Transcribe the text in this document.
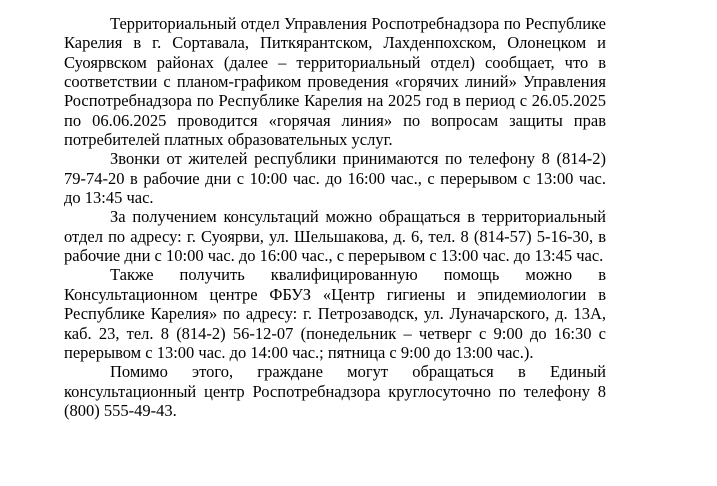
Территориальный отдел Управления Роспотребнадзора по Республике Карелия в г. Сортавала, Питкярантском, Лахденпохском, Олонецком и Суоярвском районах (далее – территориальный отдел) сообщает, что в соответствии с планом-графиком проведения «горячих линий» Управления Роспотребнадзора по Республике Карелия на 2025 год в период с 26.05.2025 по 06.06.2025 проводится «горячая линия» по вопросам защиты прав потребителей платных образовательных услуг.

Звонки от жителей республики принимаются по телефону 8 (814-2) 79-74-20 в рабочие дни с 10:00 час. до 16:00 час., с перерывом с 13:00 час. до 13:45 час.

За получением консультаций можно обращаться в территориальный отдел по адресу: г. Суоярви, ул. Шельшакова, д. 6, тел. 8 (814-57) 5-16-30, в рабочие дни с 10:00 час. до 16:00 час., с перерывом с 13:00 час. до 13:45 час.

Также получить квалифицированную помощь можно в Консультационном центре ФБУЗ «Центр гигиены и эпидемиологии в Республике Карелия» по адресу: г. Петрозаводск, ул. Луначарского, д. 13А, каб. 23, тел. 8 (814-2) 56-12-07 (понедельник – четверг с 9:00 до 16:30 с перерывом с 13:00 час. до 14:00 час.; пятница с 9:00 до 13:00 час.).

Помимо этого, граждане могут обращаться в Единый консультационный центр Роспотребнадзора круглосуточно по телефону 8 (800) 555-49-43.
